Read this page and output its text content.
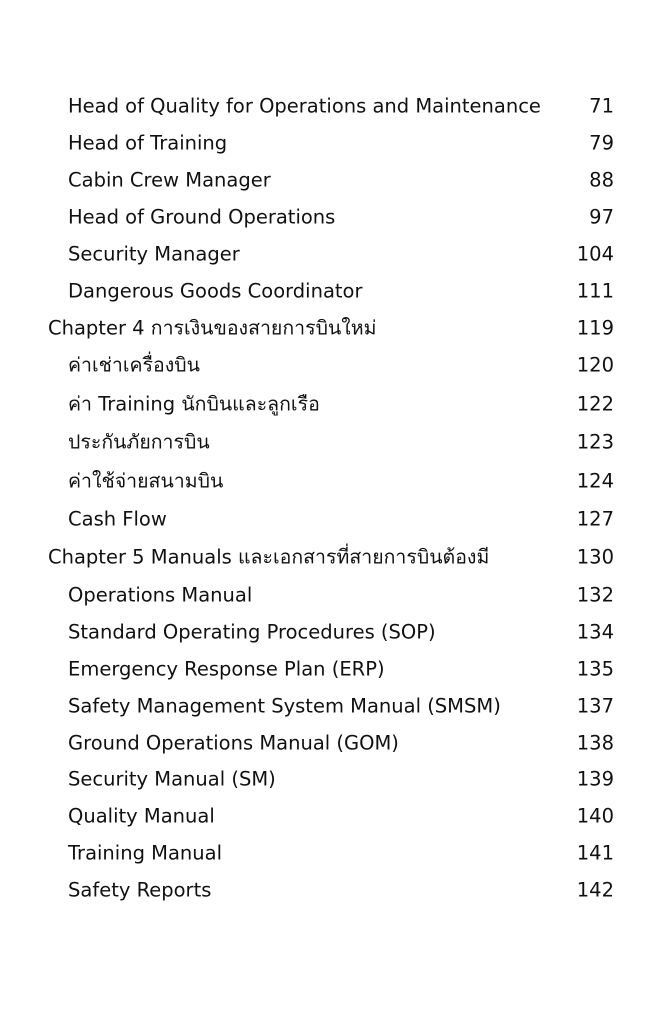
Head of Quality for Operations and Maintenance 71
Head of Training	79
Cabin Crew Manager	88
Head of Ground Operations	97
Security Manager	104
Dangerous Goods Coordinator	111
Chapter 4 การเงินของสายการบินใหม่	119
ค่าเช่าเครื่องบิน	120
ค่า Training นักบินและลูกเรือ	122
ประกันภัยการบิน	123
ค่าใช้จ่ายสนามบิน	124
Cash Flow	127
Chapter 5 Manuals และเอกสารที่สายการบินต้องมี	130
Operations Manual	132
Standard Operating Procedures (SOP)	134
Emergency Response Plan (ERP)	135
Safety Management System Manual (SMSM)	137
Ground Operations Manual (GOM)	138
Security Manual (SM)	139
Quality Manual	140
Training Manual	141
Safety Reports	142
